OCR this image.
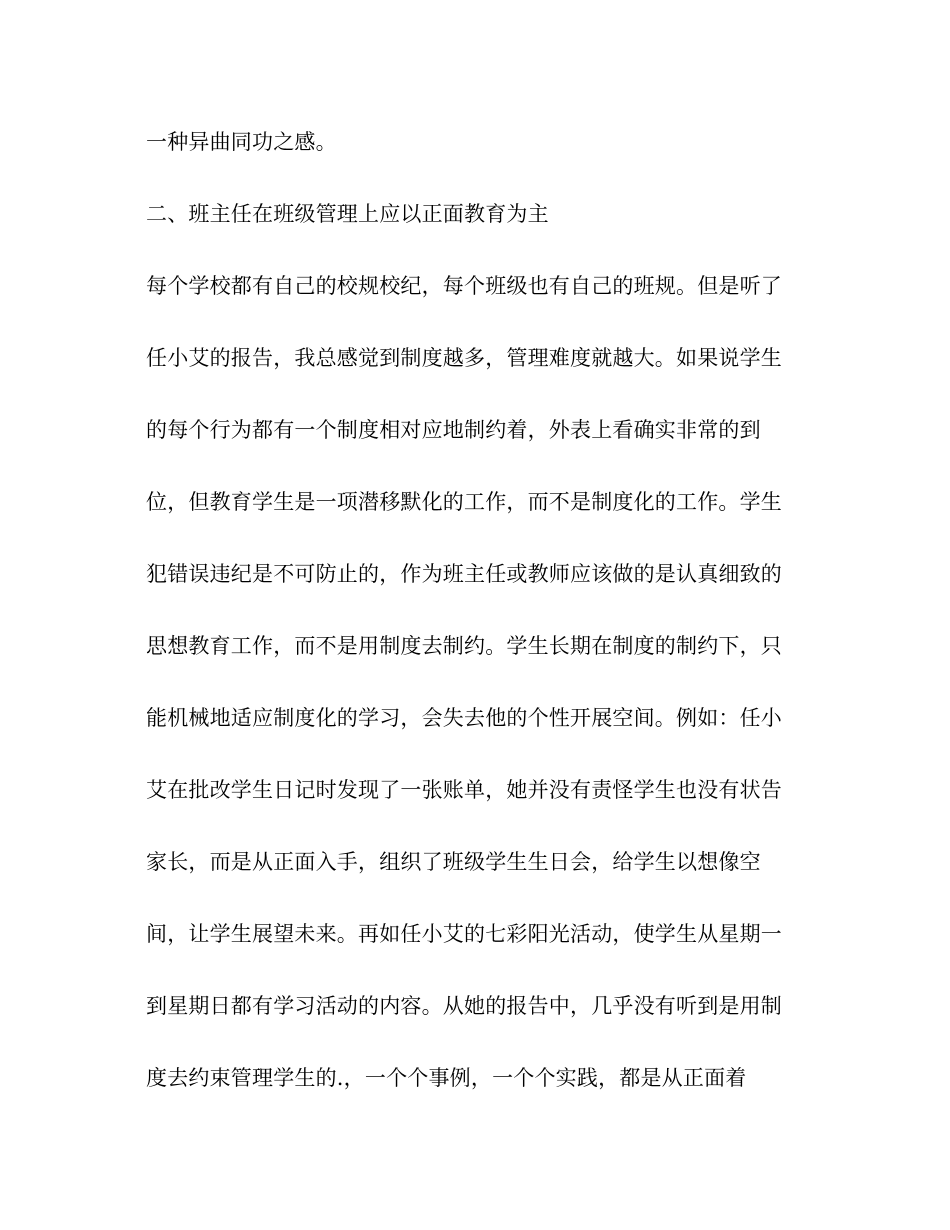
一种异曲同功之感。
二、班主任在班级管理上应以正面教育为主
每个学校都有自己的校规校纪，每个班级也有自己的班规。但是听了
任小艾的报告，我总感觉到制度越多，管理难度就越大。如果说学生
的每个行为都有一个制度相对应地制约着，外表上看确实非常的到
位，但教育学生是一项潜移默化的工作，而不是制度化的工作。学生
犯错误违纪是不可防止的，作为班主任或教师应该做的是认真细致的
思想教育工作，而不是用制度去制约。学生长期在制度的制约下，只
能机械地适应制度化的学习，会失去他的个性开展空间。例如：任小
艾在批改学生日记时发现了一张账单，她并没有责怪学生也没有状告
家长，而是从正面入手，组织了班级学生生日会，给学生以想像空
间，让学生展望未来。再如任小艾的七彩阳光活动，使学生从星期一
到星期日都有学习活动的内容。从她的报告中，几乎没有听到是用制
度去约束管理学生的.，一个个事例，一个个实践，都是从正面着
